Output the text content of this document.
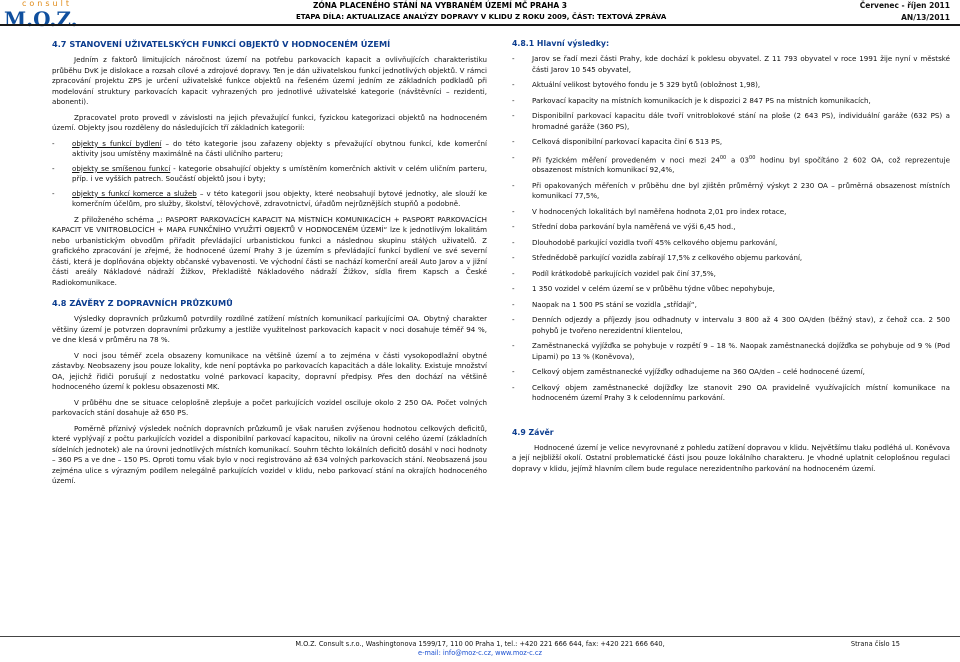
consult
M.O.Z.
ZÓNA PLACENÉHO STÁNÍ NA VYBRANÉM ÚZEMÍ MČ PRAHA 3
ETAPA DÍLA: AKTUALIZACE ANALÝZY DOPRAVY V KLIDU Z ROKU 2009, ČÁST: TEXTOVÁ ZPRÁVA
Červenec - říjen 2011
AN/13/2011
4.7 STANOVENÍ UŽIVATELSKÝCH FUNKCÍ OBJEKTŮ V HODNOCENÉM ÚZEMÍ

Jedním z faktorů limitujících náročnost území na potřebu parkovacích kapacit a ovlivňujících charakteristiku průběhu DvK je dislokace a rozsah cílové a zdrojové dopravy. Ten je dán uživatelskou funkcí jednotlivých objektů. V rámci zpracování projektu ZPS je určení uživatelské funkce objektů na řešeném území jedním ze základních podkladů při modelování struktury parkovacích kapacit vyhrazených pro jednotlivé uživatelské kategorie (návštěvníci – rezidenti, abonenti).

Zpracovatel proto provedl v závislosti na jejich převažující funkci, fyzickou kategorizaci objektů na hodnoceném území. Objekty jsou rozděleny do následujících tří základních kategorií:

- objekty s funkcí bydlení – do této kategorie jsou zařazeny objekty s převažující obytnou funkcí, kde komerční aktivity jsou umístěny maximálně na části uličního parteru;
- objekty se smíšenou funkcí - kategorie obsahující objekty s umístěním komerčních aktivit v celém uličním parteru, příp. i ve vyšších patrech. Součástí objektů jsou i byty;
- objekty s funkcí komerce a služeb – v této kategorii jsou objekty, které neobsahují bytové jednotky, ale slouží ke komerčním účelům, pro služby, školství, tělovýchově, zdravotnictví, úřadům nejrůznějších stupňů a podobně.

Z přiloženého schéma „: PASPORT PARKOVACÍCH KAPACIT NA MÍSTNÍCH KOMUNIKACÍCH + PASPORT PARKOVACÍCH KAPACIT VE VNITROBLOCÍCH + MAPA FUNKČNÍHO VYUŽITÍ OBJEKTŮ V HODNOCENÉM ÚZEMÍ“ lze k jednotlivým lokalitám nebo urbanistickým obvodům přiřadit převládající urbanistickou funkci a následnou skupinu stálých uživatelů. Z grafického zpracování je zřejmé, že hodnocené území Prahy 3 je územím s převládající funkcí bydlení ve své severní části, která je doplňována objekty občanské vybavenosti. Ve východní části se nachází komerční areál Auto Jarov a v jižní části areály Nákladové nádraží Žižkov, Překladiště Nákladového nádraží Žižkov, sídla firem Kapsch a České Radiokomunikace.

4.8 ZÁVĚRY Z DOPRAVNÍCH PRŮZKUMŮ

Výsledky dopravních průzkumů potvrdily rozdílné zatížení místních komunikací parkujícími OA. Obytný charakter většiny území je potvrzen dopravními průzkumy a jestliže využitelnost parkovacích kapacit v noci dosahuje téměř 94 %, ve dne klesá v průměru na 78 %.

V noci jsou téměř zcela obsazeny komunikace na většině území a to zejména v části vysokopodlažní obytné zástavby. Neobsazeny jsou pouze lokality, kde není poptávka po parkovacích kapacitách a dále lokality. Existuje množství OA, jejichž řidiči porušují z nedostatku volné parkovací kapacity, dopravní předpisy. Přes den dochází na většině hodnoceného území k poklesu obsazenosti MK.

V průběhu dne se situace celoplošně zlepšuje a počet parkujících vozidel osciluje okolo 2 250 OA. Počet volných parkovacích stání dosahuje až 650 PS.

Poměrně příznivý výsledek nočních dopravních průzkumů je však narušen zvýšenou hodnotou celkových deficitů, které vyplývají z počtu parkujících vozidel a disponibilní parkovací kapacitou, nikoliv na úrovni celého území (základních sídelních jednotek) ale na úrovni jednotlivých místních komunikací. Souhrn těchto lokálních deficitů dosáhl v noci hodnoty – 360 PS a ve dne – 150 PS. Oproti tomu však bylo v noci registrováno až 634 volných parkovacích stání. Neobsazená jsou zejména ulice s výrazným podílem nelegálně parkujících vozidel v klidu, nebo parkovací stání na okrajích hodnoceného území.

4.8.1 Hlavní výsledky:
- Jarov se řadí mezi části Prahy, kde dochází k poklesu obyvatel. Z 11 793 obyvatel v roce 1991 žije nyní v městské části Jarov 10 545 obyvatel,
- Aktuální velikost bytového fondu je 5 329 bytů (obložnost 1,98),
- Parkovací kapacity na místních komunikacích je k dispozici 2 847 PS na místních komunikacích,
- Disponibilní parkovací kapacitu dále tvoří vnitroblokové stání na ploše (2 643 PS), individuální garáže (632 PS) a hromadné garáže (360 PS),
- Celková disponibilní parkovací kapacita činí 6 513 PS,
- Při fyzickém měření provedeném v noci mezi $24^{00}$ a $03^{00}$ hodinu byl spočítáno 2 602 OA, což reprezentuje obsazenost místních komunikací 92,4%,
- Při opakovaných měřeních v průběhu dne byl zjištěn průměrný výskyt 2 230 OA – průměrná obsazenost místních komunikací 77,5%,
- V hodnocených lokalitách byl naměřena hodnota 2,01 pro index rotace,
- Střední doba parkování byla naměřená ve výši 6,45 hod.,
- Dlouhodobě parkující vozidla tvoří 45% celkového objemu parkování,
- Střednědobě parkující vozidla zabírají 17,5% z celkového objemu parkování,
- Podíl krátkodobě parkujících vozidel pak činí 37,5%,
- 1 350 vozidel v celém území se v průběhu týdne vůbec nepohybuje,
- Naopak na 1 500 PS stání se vozidla „střídají“,
- Denních odjezdy a příjezdy jsou odhadnuty v intervalu 3 800 až 4 300 OA/den (běžný stav), z čehož cca. 2 500 pohybů je tvořeno nerezidentní klientelou,
- Zaměstnanecká vyjížďka se pohybuje v rozpětí 9 – 18 %. Naopak zaměstnanecká dojížďka se pohybuje od 9 % (Pod Lipami) po 13 % (Koněvova),
- Celkový objem zaměstnanecké vyjížďky odhadujeme na 360 OA/den – celé hodnocené území,
- Celkový objem zaměstnanecké dojížďky lze stanovit 290 OA pravidelně využívajících místní komunikace na hodnoceném území Prahy 3 k celodennímu parkování.
4.9 Závěr

Hodnocené území je velice nevyrovnané z pohledu zatížení dopravou v klidu. Největšímu tlaku podléhá ul. Koněvova a její nejbližší okolí. Ostatní problematické části jsou pouze lokálního charakteru. Je vhodné uplatnit celoplošnou regulaci dopravy v klidu, jejímž hlavním cílem bude regulace nerezidentního parkování na hodnoceném území.

M.O.Z. Consult s.r.o., Washingtonova 1599/17, 110 00 Praha 1, tel.: +420 221 666 644, fax: +420 221 666 640,
e-mail: info@moz-c.cz, www.moz-c.cz
Strana číslo 15
